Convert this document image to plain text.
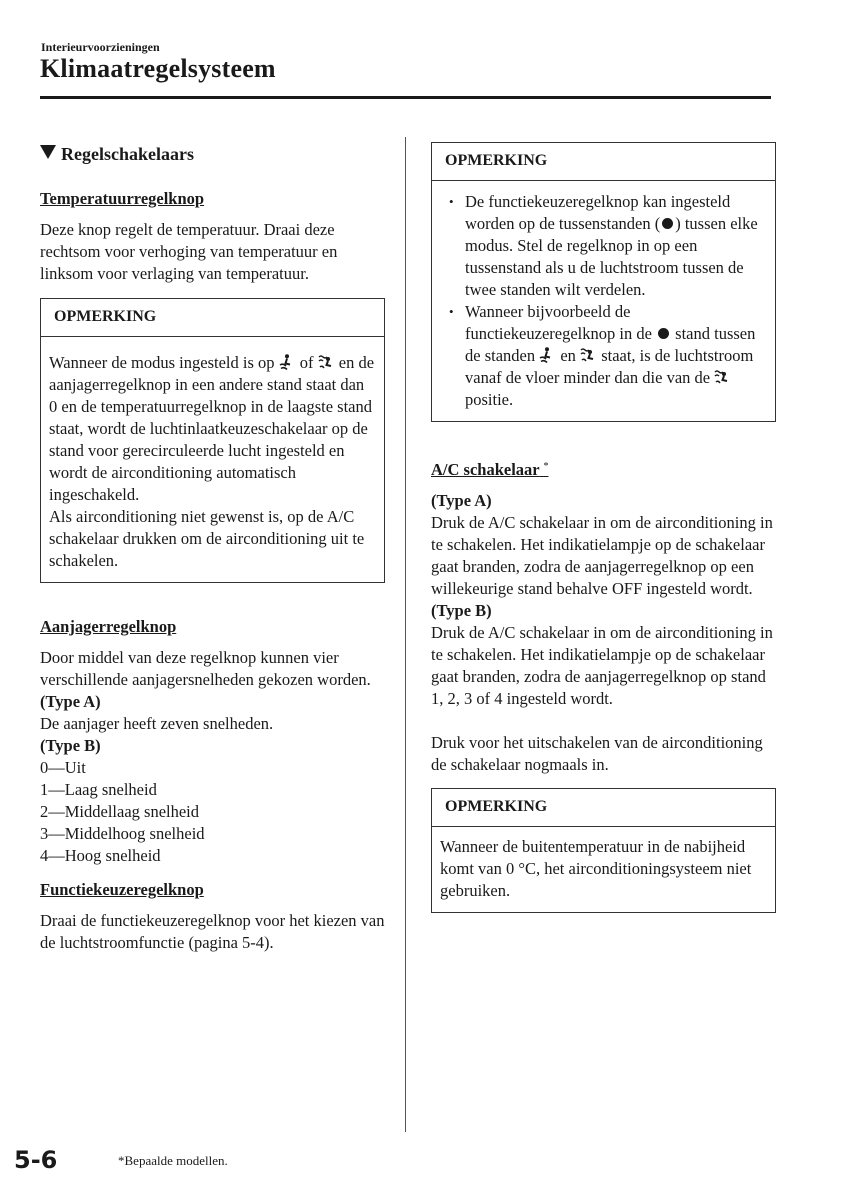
Interieurvoorzieningen
Klimaatregelsysteem
Regelschakelaars

Temperatuurregelknop

Deze knop regelt de temperatuur. Draai deze rechtsom voor verhoging van temperatuur en linksom voor verlaging van temperatuur.

OPMERKING

Wanneer de modus ingesteld is op of en de aanjagerregelknop in een andere stand staat dan 0 en de temperatuurregelknop in de laagste stand staat, wordt de luchtinlaatkeuzeschakelaar op de stand voor gerecirculeerde lucht ingesteld en wordt de airconditioning automatisch ingeschakeld.

Als airconditioning niet gewenst is, op de A/C schakelaar drukken om de airconditioning uit te schakelen.

Aanjagerregelknop

Door middel van deze regelknop kunnen vier verschillende aanjagersnelheden gekozen worden.

(Type A)

De aanjager heeft zeven snelheden.

(Type B)

0—Uit

1—Laag snelheid

2—Middellaag snelheid

3—Middelhoog snelheid

4—Hoog snelheid

Functiekeuzeregelknop

Draai de functiekeuzeregelknop voor het kiezen van de luchtstroomfunctie (pagina 5-4).

OPMERKING
• De functiekeuzeregelknop kan ingesteld worden op de tussenstanden ( ) tussen elke modus. Stel de regelknop in op een tussenstand als u de luchtstroom tussen de twee standen wilt verdelen.
• Wanneer bijvoorbeeld de functiekeuzeregelknop in de stand tussen de standen en staat, is de luchtstroom vanaf de vloer minder dan die van de  positie.

A/C schakelaar *

(Type A)

Druk de A/C schakelaar in om de airconditioning in te schakelen. Het indikatielampje op de schakelaar gaat branden, zodra de aanjagerregelknop op een willekeurige stand behalve OFF ingesteld wordt.

(Type B)

Druk de A/C schakelaar in om de airconditioning in te schakelen. Het indikatielampje op de schakelaar gaat branden, zodra de aanjagerregelknop op stand 1, 2, 3 of 4 ingesteld wordt.

Druk voor het uitschakelen van de airconditioning de schakelaar nogmaals in.

OPMERKING

Wanneer de buitentemperatuur in de nabijheid komt van 0 °C, het airconditioningsysteem niet gebruiken.

5-6	*Bepaalde modellen.
